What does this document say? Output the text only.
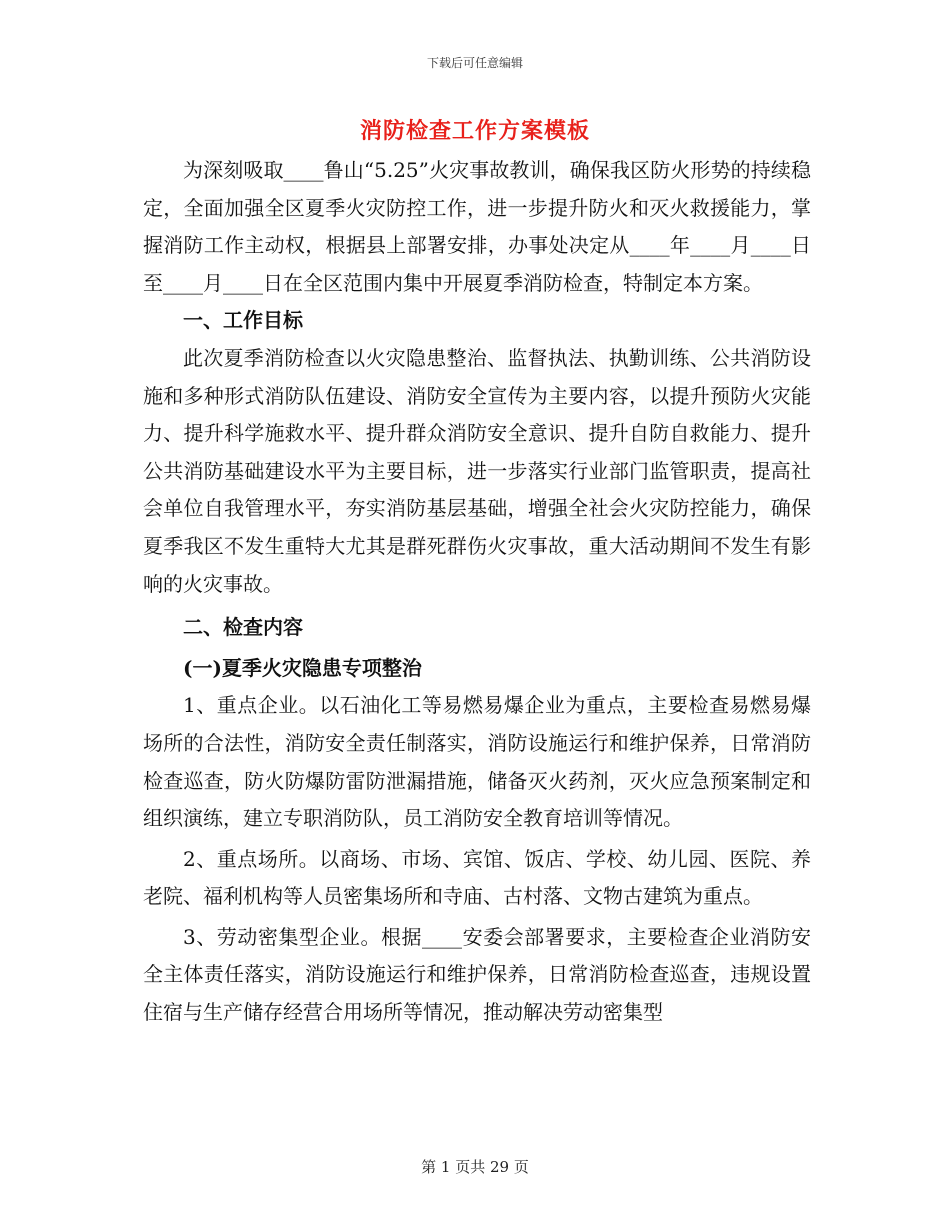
下载后可任意编辑
消防检查工作方案模板

为深刻吸取____鲁山“5.25”火灾事故教训，确保我区防火形势的持续稳定，全面加强全区夏季火灾防控工作，进一步提升防火和灭火救援能力，掌握消防工作主动权，根据县上部署安排，办事处决定从____年____月____日至____月____日在全区范围内集中开展夏季消防检查，特制定本方案。

一、工作目标

此次夏季消防检查以火灾隐患整治、监督执法、执勤训练、公共消防设施和多种形式消防队伍建设、消防安全宣传为主要内容，以提升预防火灾能力、提升科学施救水平、提升群众消防安全意识、提升自防自救能力、提升公共消防基础建设水平为主要目标，进一步落实行业部门监管职责，提高社会单位自我管理水平，夯实消防基层基础，增强全社会火灾防控能力，确保夏季我区不发生重特大尤其是群死群伤火灾事故，重大活动期间不发生有影响的火灾事故。

二、检查内容

(一)夏季火灾隐患专项整治

1、重点企业。以石油化工等易燃易爆企业为重点，主要检查易燃易爆场所的合法性，消防安全责任制落实，消防设施运行和维护保养，日常消防检查巡查，防火防爆防雷防泄漏措施，储备灭火药剂，灭火应急预案制定和组织演练，建立专职消防队，员工消防安全教育培训等情况。

2、重点场所。以商场、市场、宾馆、饭店、学校、幼儿园、医院、养老院、福利机构等人员密集场所和寺庙、古村落、文物古建筑为重点。

3、劳动密集型企业。根据____安委会部署要求，主要检查企业消防安全主体责任落实，消防设施运行和维护保养，日常消防检查巡查，违规设置住宿与生产储存经营合用场所等情况，推动解决劳动密集型

第 1 页共 29 页
